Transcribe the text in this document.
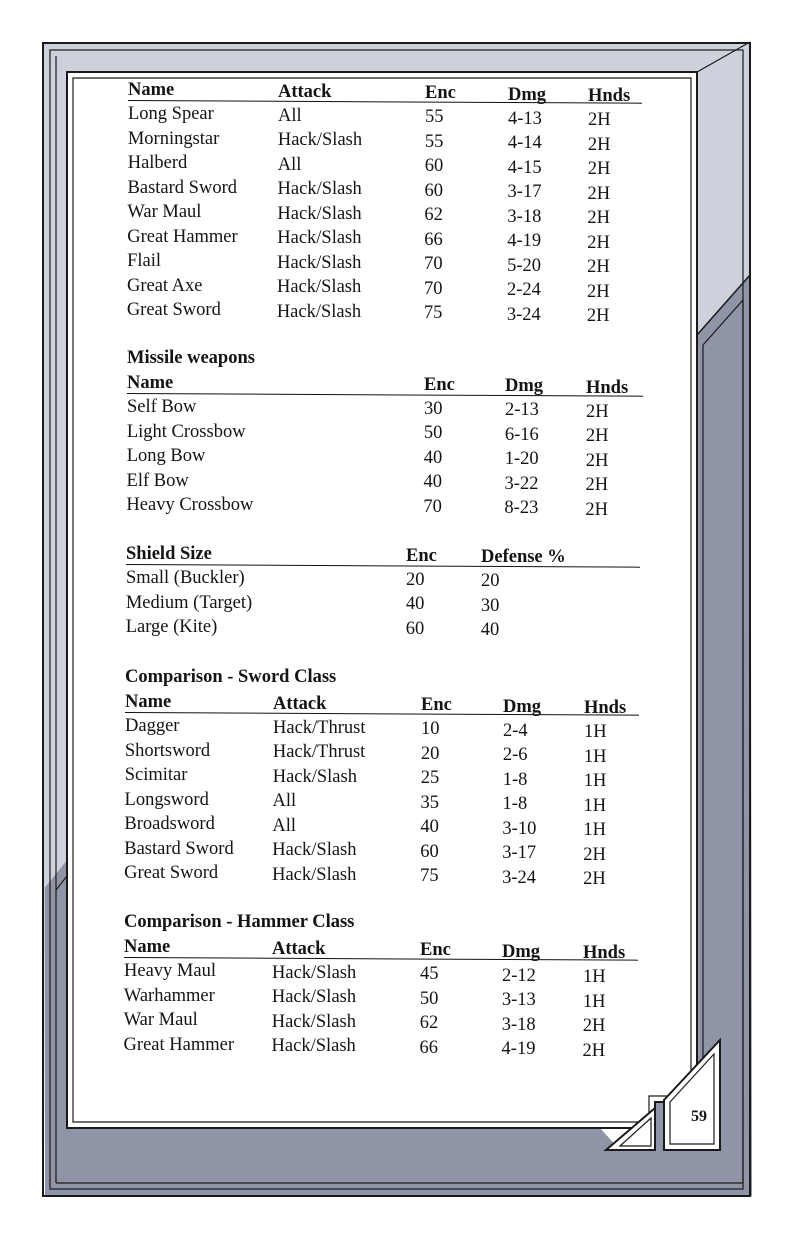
Name	Attack	Enc	Dmg Hnds
Long Spear	All	55	4-13 2H
Morningstar	Hack/Slash	55	4-14 2H
Halberd	All	60	4-15 2H
Bastard Sword Hack/Slash	60	3-17 2H
War Maul	Hack/Slash	62	3-18 2H
Great Hammer Hack/Slash	66	4-19 2H
Flail	Hack/Slash	70	5-20 2H
Great Axe	Hack/Slash	70	2-24 2H
Great Sword	Hack/Slash	75	3-24 2H
Missile weapons
Name	Enc	Dmg Hnds
Self Bow	30	2-13	2H
Light Crossbow	50	6-16	2H
Long Bow	40	1-20	2H
Elf Bow	40	3-22	2H
Heavy Crossbow	70	8-23	2H
Shield Size	Enc Defense %
Small (Buckler)	20	20
Medium (Target)	40	30
Large (Kite)	60	40
Comparison - Sword Class
Name	Attack	Enc	Dmg Hnds
Dagger	Hack/Thrust	10	2-4	1H
Shortsword	Hack/Thrust	20	2-6	1H
Scimitar	Hack/Slash	25	1-8	1H
Longsword	All	35	1-8	1H
Broadsword	All	40	3-10	1H
Bastard Sword Hack/Slash	60	3-17	2H
Great Sword	Hack/Slash	75	3-24	2H
Comparison - Hammer Class
Name	Attack	Enc	Dmg Hnds
Heavy Maul	Hack/Slash	45	2-12	1H
Warhammer	Hack/Slash	50	3-13	1H
War Maul	Hack/Slash	62	3-18	2H
Great Hammer Hack/Slash	66	4-19	2H
59
